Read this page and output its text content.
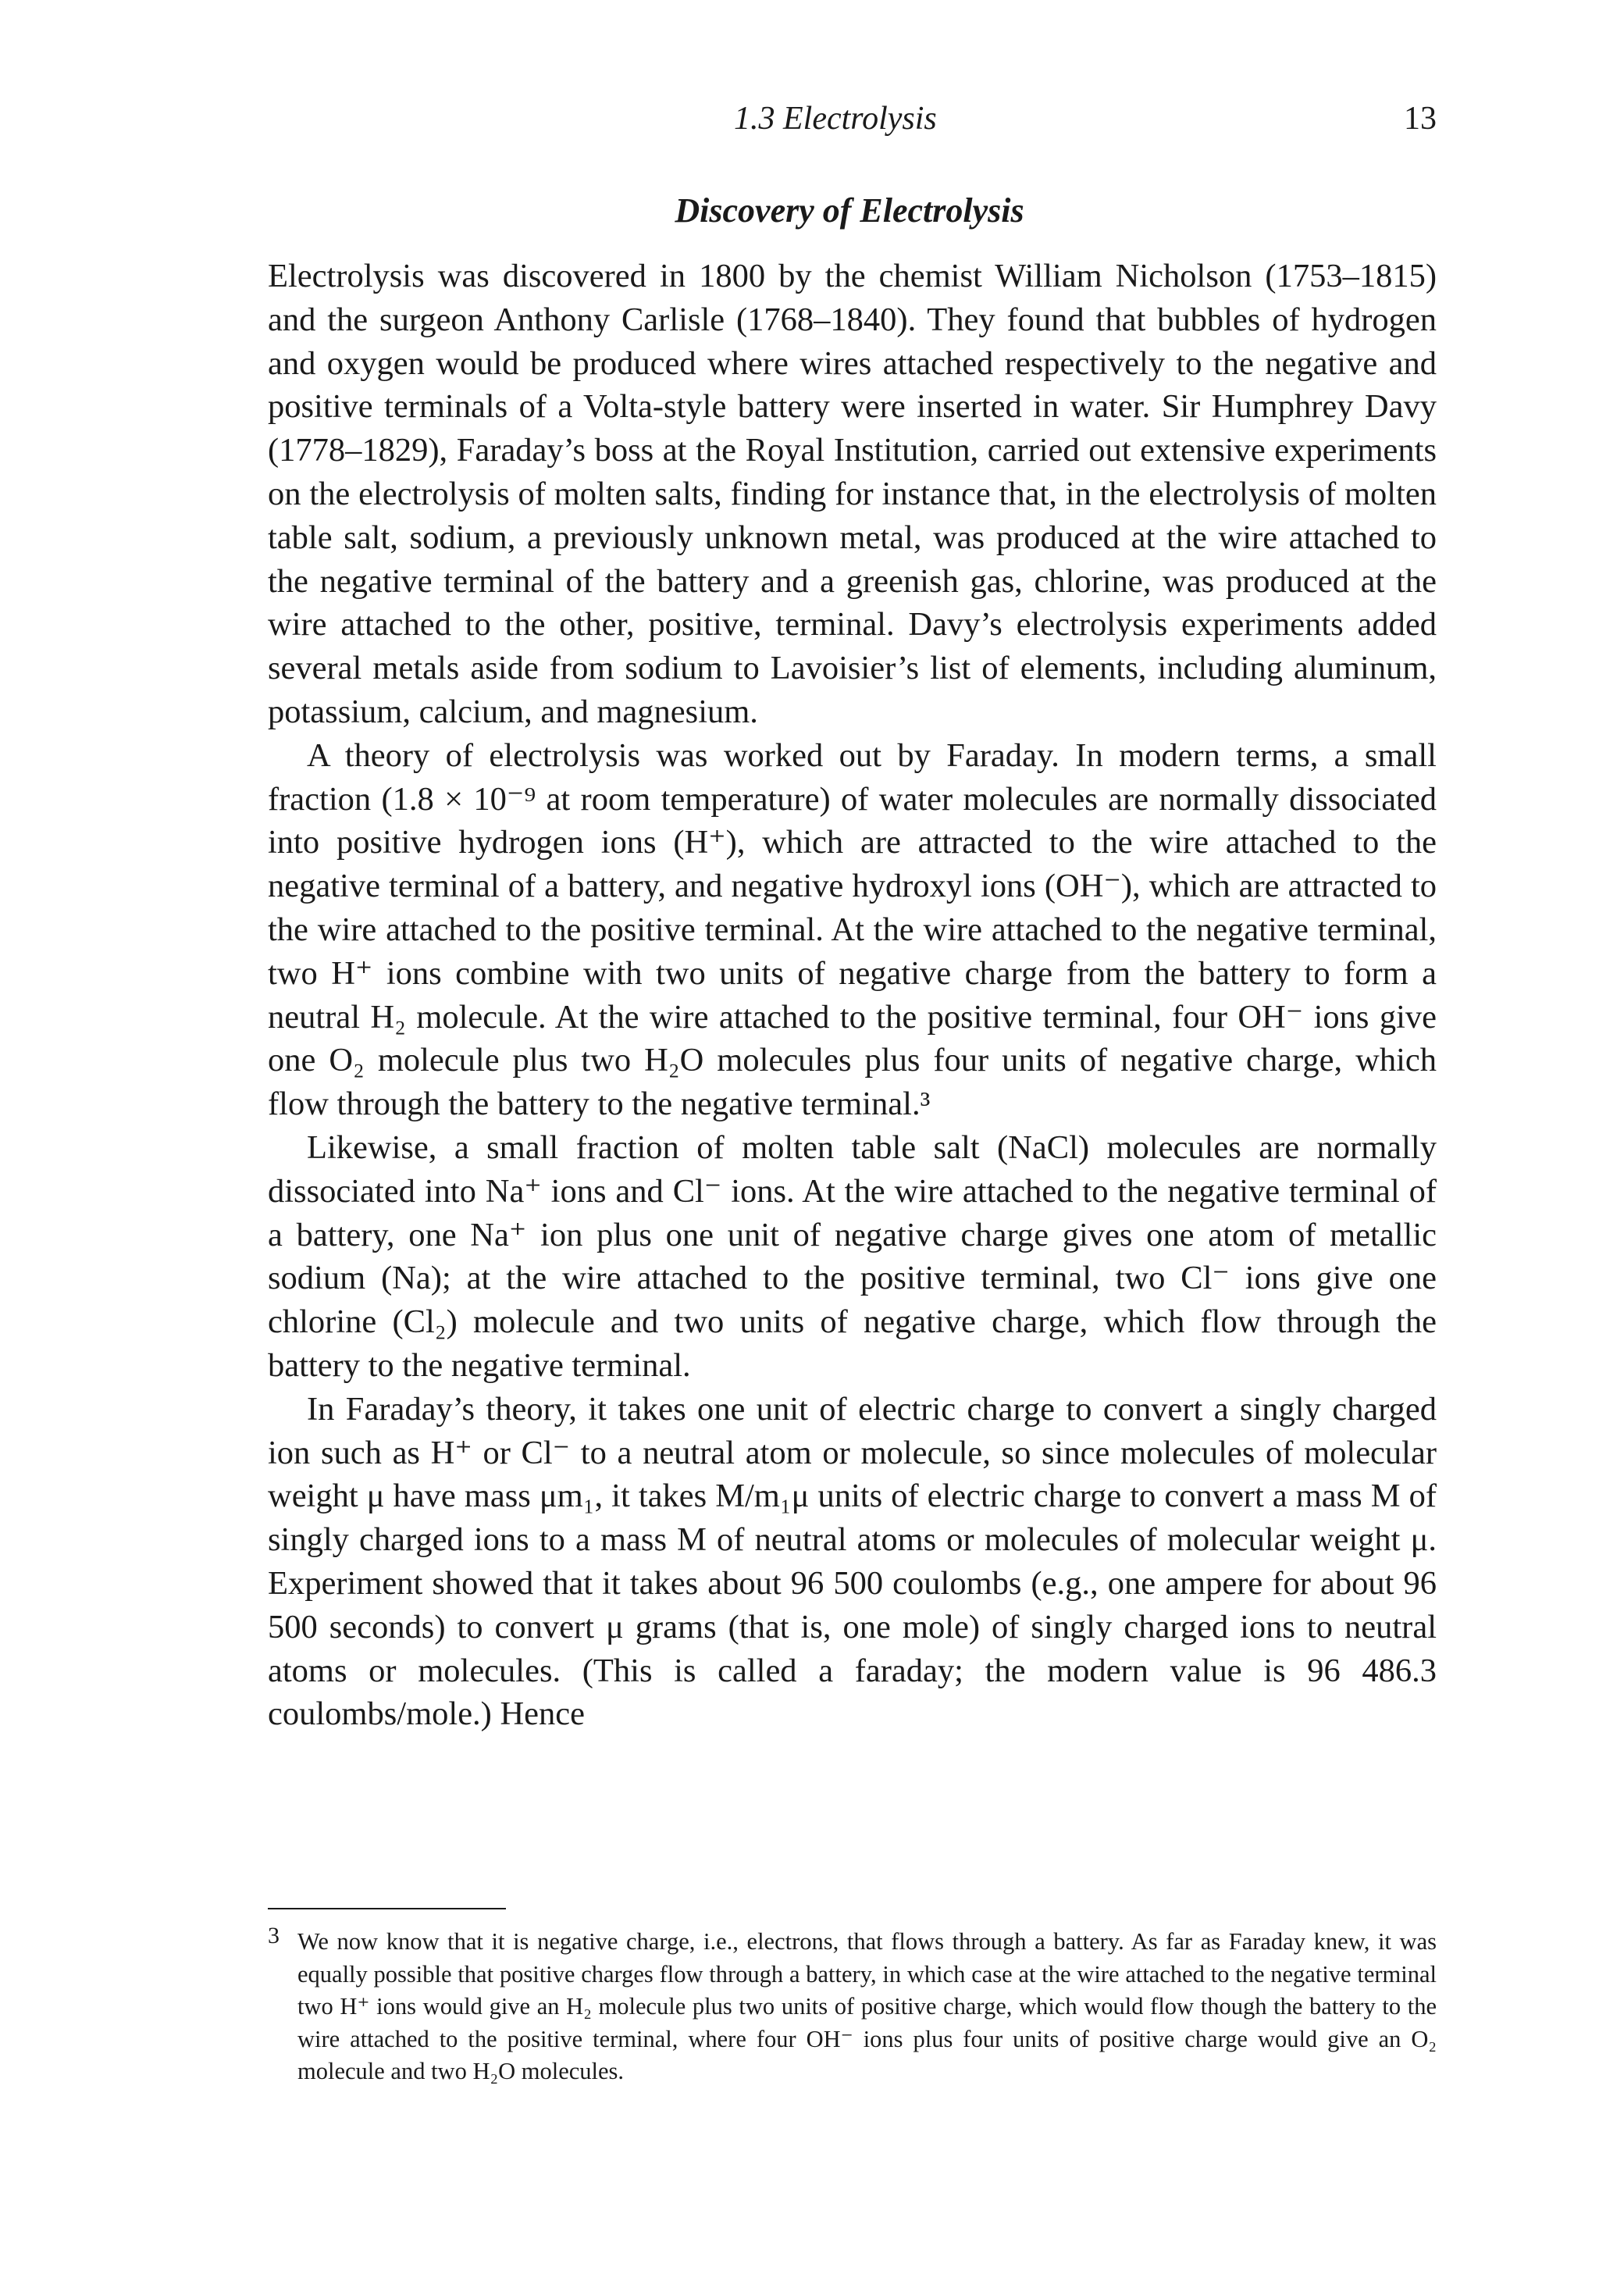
1.3 Electrolysis	13
Discovery of Electrolysis

Electrolysis was discovered in 1800 by the chemist William Nicholson (1753–1815) and the surgeon Anthony Carlisle (1768–1840). They found that bubbles of hydrogen and oxygen would be produced where wires attached respectively to the negative and positive terminals of a Volta-style battery were inserted in water. Sir Humphrey Davy (1778–1829), Faraday’s boss at the Royal Institution, carried out extensive experiments on the electrolysis of molten salts, finding for instance that, in the electrolysis of molten table salt, sodium, a previously unknown metal, was produced at the wire attached to the negative terminal of the battery and a greenish gas, chlorine, was produced at the wire attached to the other, positive, terminal. Davy’s electrolysis experiments added several metals aside from sodium to Lavoisier’s list of elements, including aluminum, potassium, calcium, and magnesium.

A theory of electrolysis was worked out by Faraday. In modern terms, a small fraction (1.8 × 10⁻⁹ at room temperature) of water molecules are normally dissociated into positive hydrogen ions (H⁺), which are attracted to the wire attached to the negative terminal of a battery, and negative hydroxyl ions (OH⁻), which are attracted to the wire attached to the positive terminal. At the wire attached to the negative terminal, two H⁺ ions combine with two units of negative charge from the battery to form a neutral H₂ molecule. At the wire attached to the positive terminal, four OH⁻ ions give one O₂ molecule plus two H₂O molecules plus four units of negative charge, which flow through the battery to the negative terminal.³

Likewise, a small fraction of molten table salt (NaCl) molecules are normally dissociated into Na⁺ ions and Cl⁻ ions. At the wire attached to the negative terminal of a battery, one Na⁺ ion plus one unit of negative charge gives one atom of metallic sodium (Na); at the wire attached to the positive terminal, two Cl⁻ ions give one chlorine (Cl₂) molecule and two units of negative charge, which flow through the battery to the negative terminal.

In Faraday’s theory, it takes one unit of electric charge to convert a singly charged ion such as H⁺ or Cl⁻ to a neutral atom or molecule, so since molecules of molecular weight μ have mass μm₁, it takes M/m₁μ units of electric charge to convert a mass M of singly charged ions to a mass M of neutral atoms or molecules of molecular weight μ. Experiment showed that it takes about 96 500 coulombs (e.g., one ampere for about 96 500 seconds) to convert μ grams (that is, one mole) of singly charged ions to neutral atoms or molecules. (This is called a faraday; the modern value is 96 486.3 coulombs/mole.) Hence

3 We now know that it is negative charge, i.e., electrons, that flows through a battery. As far as Faraday knew, it was equally possible that positive charges flow through a battery, in which case at the wire attached to the negative terminal two H⁺ ions would give an H₂ molecule plus two units of positive charge, which would flow though the battery to the wire attached to the positive terminal, where four OH⁻ ions plus four units of positive charge would give an O₂ molecule and two H₂O molecules.
